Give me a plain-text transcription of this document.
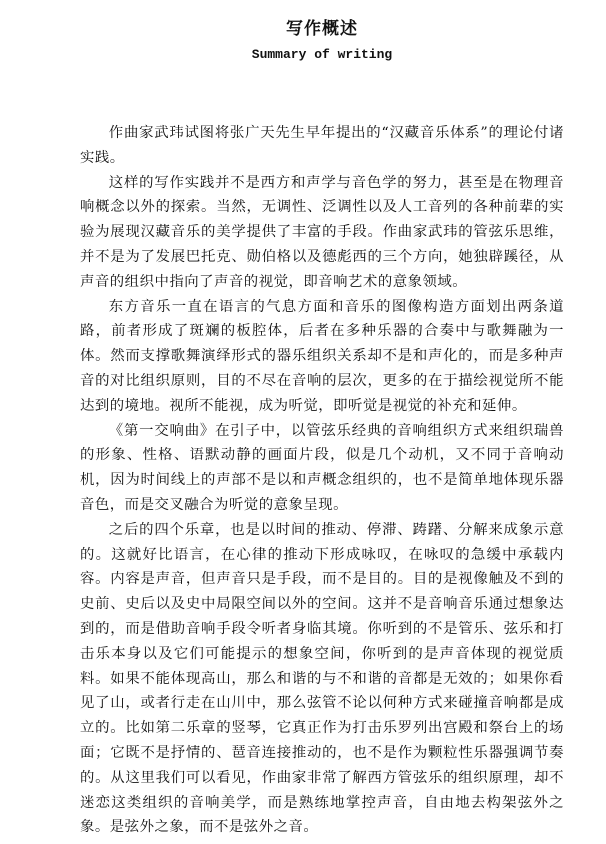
写作概述
Summary of writing

作曲家武玮试图将张广天先生早年提出的“汉藏音乐体系”的理论付诸实践。

这样的写作实践并不是西方和声学与音色学的努力，甚至是在物理音响概念以外的探索。当然，无调性、泛调性以及人工音列的各种前辈的实验为展现汉藏音乐的美学提供了丰富的手段。作曲家武玮的管弦乐思维，并不是为了发展巴托克、勋伯格以及德彪西的三个方向，她独辟蹊径，从声音的组织中指向了声音的视觉，即音响艺术的意象领域。

东方音乐一直在语言的气息方面和音乐的图像构造方面划出两条道路，前者形成了斑斓的板腔体，后者在多种乐器的合奏中与歌舞融为一体。然而支撑歌舞演绎形式的器乐组织关系却不是和声化的，而是多种声音的对比组织原则，目的不尽在音响的层次，更多的在于描绘视觉所不能达到的境地。视所不能视，成为听觉，即听觉是视觉的补充和延伸。

《第一交响曲》在引子中，以管弦乐经典的音响组织方式来组织瑞兽的形象、性格、语默动静的画面片段，似是几个动机，又不同于音响动机，因为时间线上的声部不是以和声概念组织的，也不是简单地体现乐器音色，而是交叉融合为听觉的意象呈现。

之后的四个乐章，也是以时间的推动、停滞、踌躇、分解来成象示意的。这就好比语言，在心律的推动下形成咏叹，在咏叹的急缓中承载内容。内容是声音，但声音只是手段，而不是目的。目的是视像触及不到的史前、史后以及史中局限空间以外的空间。这并不是音响音乐通过想象达到的，而是借助音响手段令听者身临其境。你听到的不是管乐、弦乐和打击乐本身以及它们可能提示的想象空间，你听到的是声音体现的视觉质料。如果不能体现高山，那么和谐的与不和谐的音都是无效的；如果你看见了山，或者行走在山川中，那么弦管不论以何种方式来碰撞音响都是成立的。比如第二乐章的竖琴，它真正作为打击乐罗列出宫殿和祭台上的场面；它既不是抒情的、琶音连接推动的，也不是作为颗粒性乐器强调节奏的。从这里我们可以看见，作曲家非常了解西方管弦乐的组织原理，却不迷恋这类组织的音响美学，而是熟练地掌控声音，自由地去构架弦外之象。是弦外之象，而不是弦外之音。
